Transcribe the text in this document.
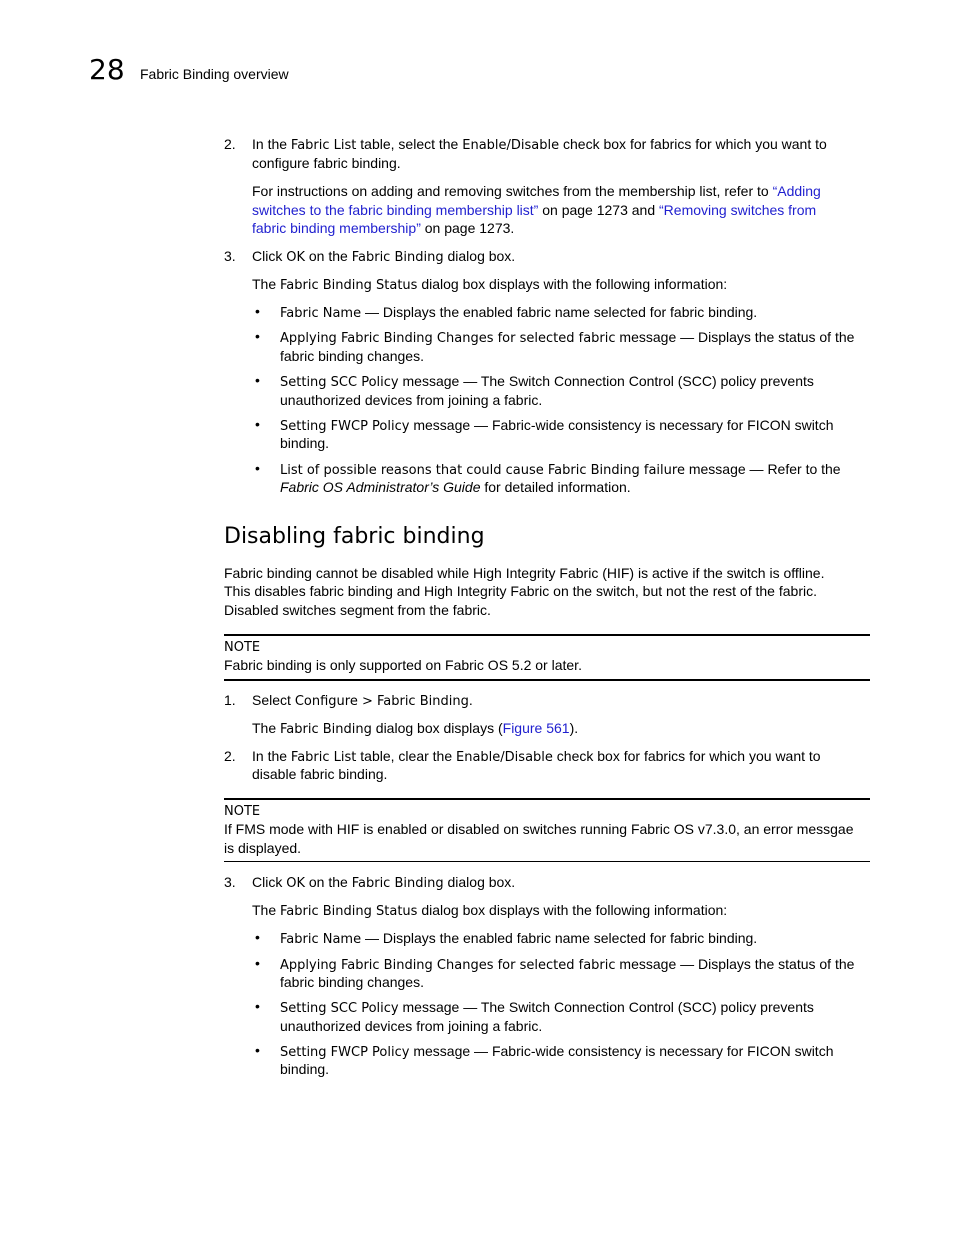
28 Fabric Binding overview
2. In the Fabric List table, select the Enable/Disable check box for fabrics for which you want to
configure fabric binding.
For instructions on adding and removing switches from the membership list, refer to “Adding
switches to the fabric binding membership list” on page 1273 and “Removing switches from
fabric binding membership” on page 1273.
3. Click OK on the Fabric Binding dialog box.
The Fabric Binding Status dialog box displays with the following information:
• Fabric Name — Displays the enabled fabric name selected for fabric binding.
• Applying Fabric Binding Changes for selected fabric message — Displays the status of the
fabric binding changes.
• Setting SCC Policy message — The Switch Connection Control (SCC) policy prevents
unauthorized devices from joining a fabric.
• Setting FWCP Policy message — Fabric-wide consistency is necessary for FICON switch
binding.
• List of possible reasons that could cause Fabric Binding failure message — Refer to the
Fabric OS Administrator’s Guide for detailed information.
Disabling fabric binding
Fabric binding cannot be disabled while High Integrity Fabric (HIF) is active if the switch is offline.
This disables fabric binding and High Integrity Fabric on the switch, but not the rest of the fabric.
Disabled switches segment from the fabric.
NOTE
Fabric binding is only supported on Fabric OS 5.2 or later.
1. Select Configure > Fabric Binding.
The Fabric Binding dialog box displays (Figure 561).
2. In the Fabric List table, clear the Enable/Disable check box for fabrics for which you want to
disable fabric binding.
NOTE
If FMS mode with HIF is enabled or disabled on switches running Fabric OS v7.3.0, an error messgae
is displayed.
3. Click OK on the Fabric Binding dialog box.
The Fabric Binding Status dialog box displays with the following information:
• Fabric Name — Displays the enabled fabric name selected for fabric binding.
• Applying Fabric Binding Changes for selected fabric message — Displays the status of the
fabric binding changes.
• Setting SCC Policy message — The Switch Connection Control (SCC) policy prevents
unauthorized devices from joining a fabric.
• Setting FWCP Policy message — Fabric-wide consistency is necessary for FICON switch
binding.
